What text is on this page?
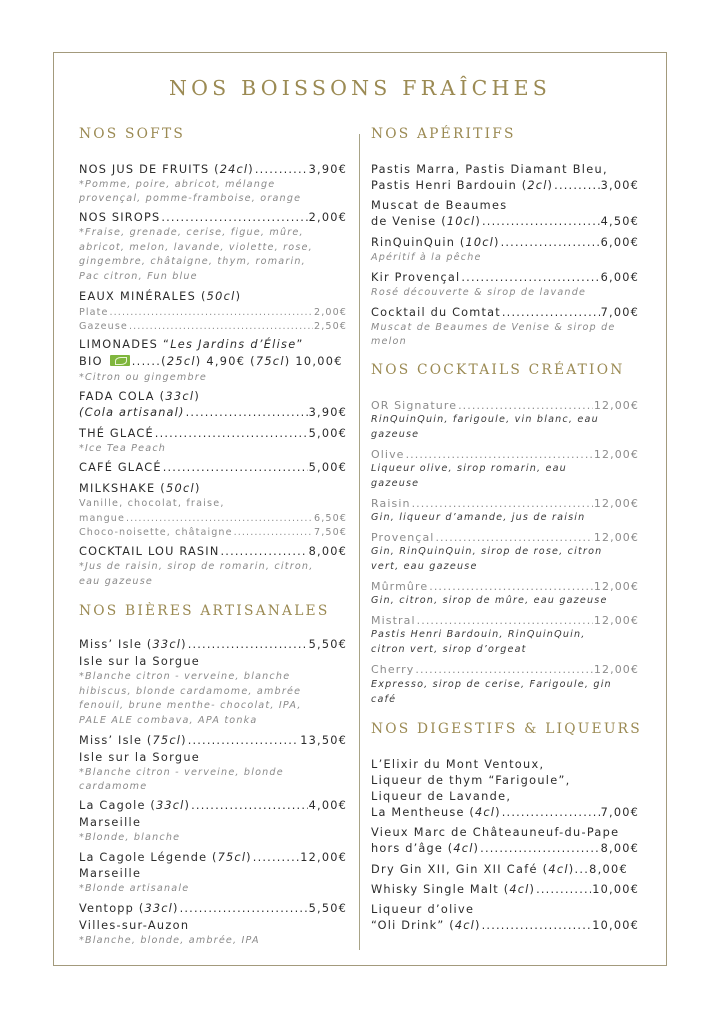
NOS BOISSONS FRAÎCHES
NOS SOFTS
NOS JUS DE FRUITS (24cl) .....	3,90€
*Pomme, poire, abricot, mélange
provençal, pomme-framboise, orange
NOS SIROPS .....	2,00€
*Fraise, grenade, cerise, figue, mûre,
abricot, melon, lavande, violette, rose,
gingembre, châtaigne, thym, romarin,
Pac citron, Fun blue
EAUX MINÉRALES (50cl)
Plate .....	2,00€
Gazeuse .....	2,50€
LIMONADES “Les Jardins d’Élise”
BIO	......(25cl) 4,90€ (75cl) 10,00€
*Citron ou gingembre
FADA COLA (33cl)
(Cola artisanal) .....	3,90€
THÉ GLACÉ .....	5,00€
*Ice Tea Peach
CAFÉ GLACÉ .....	5,00€
MILKSHAKE (50cl)
Vanille, chocolat, fraise,
mangue .....	6,50€
Choco-noisette, châtaigne .....	7,50€
COCKTAIL LOU RASIN .....	8,00€
*Jus de raisin, sirop de romarin, citron,
eau gazeuse
NOS BIÈRES ARTISANALES
Miss’ Isle (33cl) .....	5,50€
Isle sur la Sorgue
*Blanche citron - verveine, blanche
hibiscus, blonde cardamome, ambrée
fenouil, brune menthe- chocolat, IPA,
PALE ALE combava, APA tonka
Miss’ Isle (75cl) .....	13,50€
Isle sur la Sorgue
*Blanche citron - verveine, blonde
cardamome
La Cagole (33cl) .....	4,00€
Marseille
*Blonde, blanche
La Cagole Légende (75cl) .....	12,00€
Marseille
*Blonde artisanale
Ventopp (33cl) .....	5,50€
Villes-sur-Auzon
*Blanche, blonde, ambrée, IPA
NOS APÉRITIFS
Pastis Marra, Pastis Diamant Bleu,
Pastis Henri Bardouin (2cl) .....	3,00€
Muscat de Beaumes
de Venise (10cl) .....	4,50€
RinQuinQuin (10cl) .....	6,00€
Apéritif à la pêche
Kir Provençal .....	6,00€
Rosé découverte & sirop de lavande
Cocktail du Comtat .....	7,00€
Muscat de Beaumes de Venise & sirop de
melon
NOS COCKTAILS CRÉATION
OR Signature .....	12,00€
RinQuinQuin, farigoule, vin blanc, eau
gazeuse
Olive .....	12,00€
Liqueur olive, sirop romarin, eau
gazeuse
Raisin .....	12,00€
Gin, liqueur d’amande, jus de raisin
Provençal .....	12,00€
Gin, RinQuinQuin, sirop de rose, citron
vert, eau gazeuse
Mûrmûre .....	12,00€
Gin, citron, sirop de mûre, eau gazeuse
Mistral .....	12,00€
Pastis Henri Bardouin, RinQuinQuin,
citron vert, sirop d’orgeat
Cherry .....	12,00€
Expresso, sirop de cerise, Farigoule, gin
café
NOS DIGESTIFS & LIQUEURS
L’Elixir du Mont Ventoux,
Liqueur de thym “Farigoule”,
Liqueur de Lavande,
La Mentheuse (4cl) .....	7,00€
Vieux Marc de Châteauneuf-du-Pape
hors d’âge (4cl) .....	8,00€
Dry Gin XII, Gin XII Café (4cl)...8,00€
Whisky Single Malt (4cl) .....	10,00€
Liqueur d’olive
“Oli Drink” (4cl) .....	10,00€
